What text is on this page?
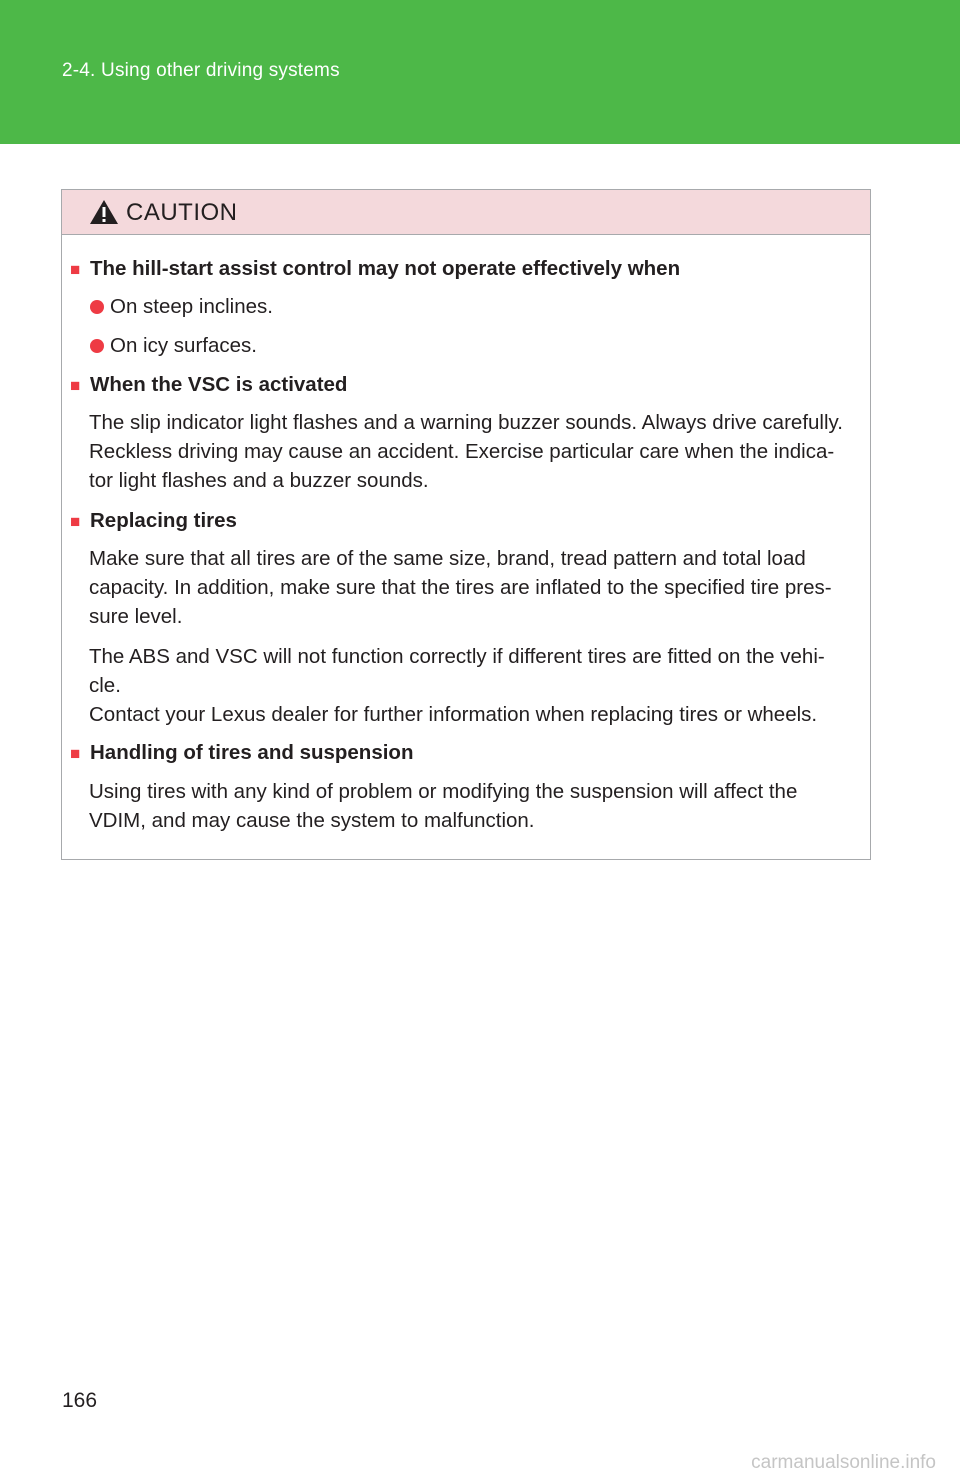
2-4. Using other driving systems
CAUTION
■ The hill-start assist control may not operate effectively when
On steep inclines.
On icy surfaces.
■ When the VSC is activated
The slip indicator light flashes and a warning buzzer sounds. Always drive carefully.
Reckless driving may cause an accident. Exercise particular care when the indica-
tor light flashes and a buzzer sounds.
■ Replacing tires
Make sure that all tires are of the same size, brand, tread pattern and total load
capacity. In addition, make sure that the tires are inflated to the specified tire pres-
sure level.
The ABS and VSC will not function correctly if different tires are fitted on the vehi-
cle.
Contact your Lexus dealer for further information when replacing tires or wheels.
■ Handling of tires and suspension
Using tires with any kind of problem or modifying the suspension will affect the
VDIM, and may cause the system to malfunction.
166
carmanualsonline.info
